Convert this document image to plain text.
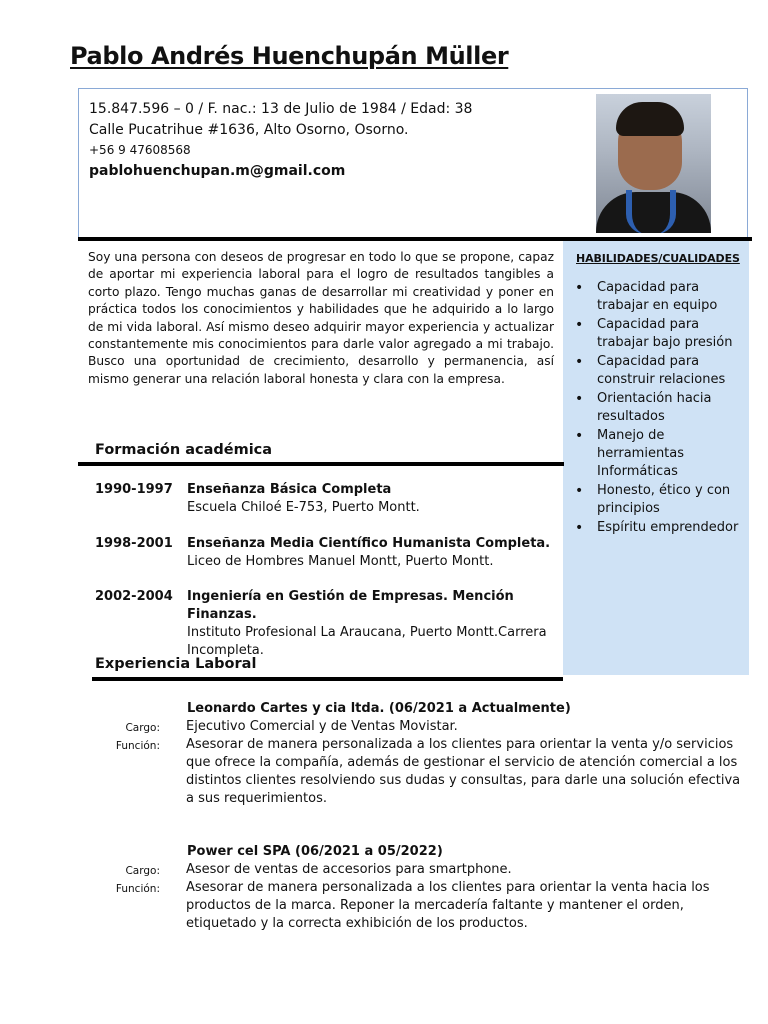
Pablo Andrés Huenchupán Müller
15.847.596 – 0 / F. nac.: 13 de Julio de 1984 / Edad: 38
Calle Pucatrihue #1636, Alto Osorno, Osorno.
+56 9 47608568
pablohuenchupan.m@gmail.com
HABILIDADES/CUALIDADES
• Capacidad para trabajar en equipo
• Capacidad para trabajar bajo presión
• Capacidad para construir relaciones
• Orientación hacia resultados
• Manejo de herramientas Informáticas
• Honesto, ético y con principios
• Espíritu emprendedor
Soy una persona con deseos de progresar en todo lo que se propone, capaz de aportar mi experiencia laboral para el logro de resultados tangibles a corto plazo. Tengo muchas ganas de desarrollar mi creatividad y poner en práctica todos los conocimientos y habilidades que he adquirido a lo largo de mi vida laboral. Así mismo deseo adquirir mayor experiencia y actualizar constantemente mis conocimientos para darle valor agregado a mi trabajo. Busco una oportunidad de crecimiento, desarrollo y permanencia, así mismo generar una relación laboral honesta y clara con la empresa.
Formación académica
1990-1997 Enseñanza Básica Completa
Escuela Chiloé E-753, Puerto Montt.
1998-2001 Enseñanza Media Científico Humanista Completa.
Liceo de Hombres Manuel Montt, Puerto Montt.
2002-2004 Ingeniería en Gestión de Empresas. Mención Finanzas.
Instituto Profesional La Araucana, Puerto Montt.Carrera Incompleta.
Experiencia Laboral
Leonardo Cartes y cia ltda. (06/2021 a Actualmente)
Cargo: Ejecutivo Comercial y de Ventas Movistar.
Función: Asesorar de manera personalizada a los clientes para orientar la venta y/o servicios que ofrece la compañía, además de gestionar el servicio de atención comercial a los distintos clientes resolviendo sus dudas y consultas, para darle una solución efectiva a sus requerimientos.
Power cel SPA (06/2021 a 05/2022)
Cargo: Asesor de ventas de accesorios para smartphone.
Función: Asesorar de manera personalizada a los clientes para orientar la venta hacia los productos de la marca. Reponer la mercadería faltante y mantener el orden, etiquetado y la correcta exhibición de los productos.
